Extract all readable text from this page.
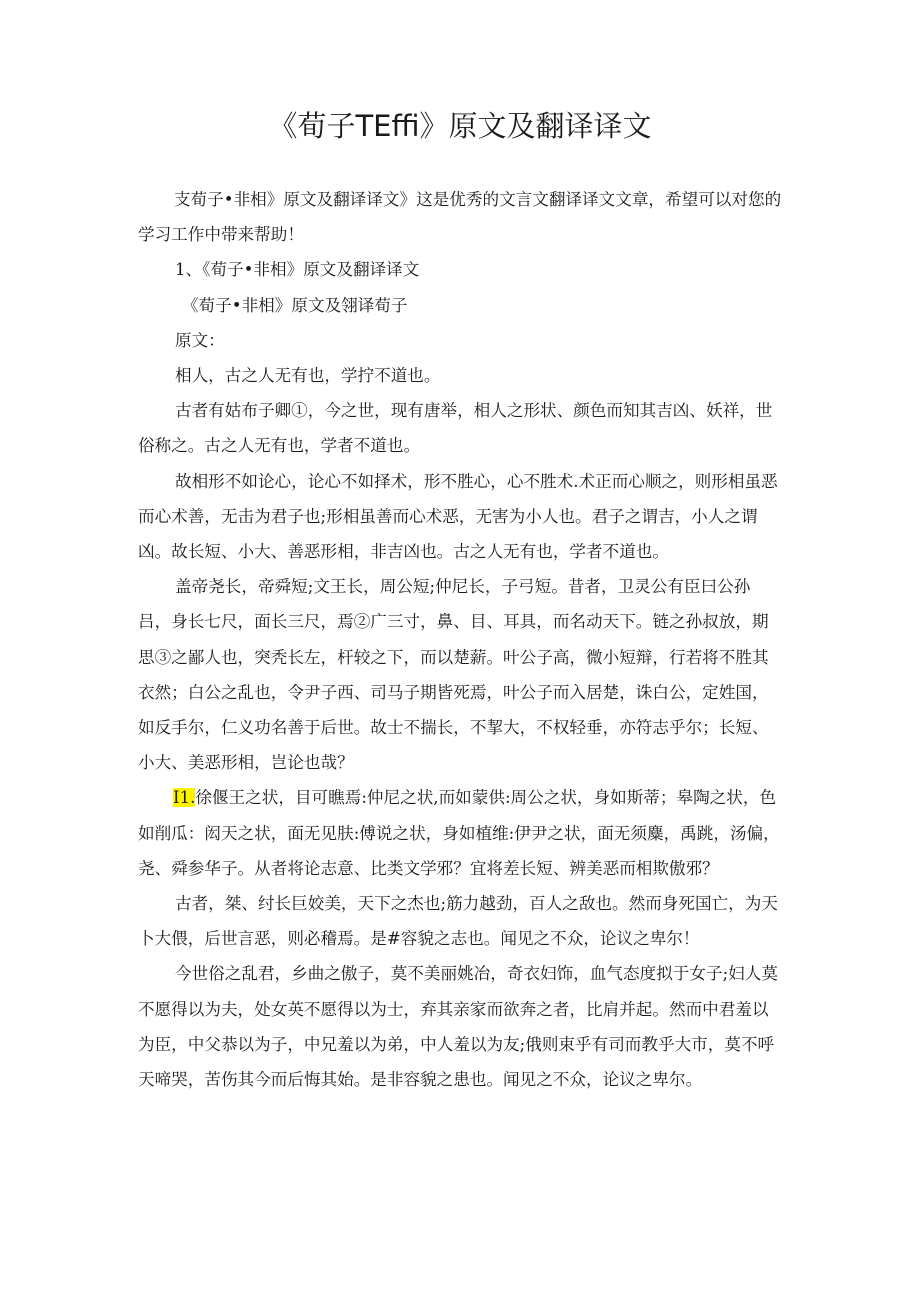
《荀子TEffi》原文及翻译译文

支荀子•非相》原文及翻译译文》这是优秀的文言文翻译译文文章，希望可以对您的学习工作中带来帮助！

1、《荀子•非相》原文及翻译译文

《荀子•非相》原文及翎译荀子

原文：

相人，古之人无有也，学拧不道也。

古者有姑布子卿①，今之世，现有唐举，相人之形状、颜色而知其吉凶、妖祥，世俗称之。古之人无有也，学者不道也。

故相形不如论心，论心不如择术，形不胜心，心不胜术.术正而心顺之，则形相虽恶而心术善，无击为君子也;形相虽善而心术恶，无害为小人也。君子之谓吉，小人之谓凶。故长短、小大、善恶形相，非吉凶也。古之人无有也，学者不道也。

盖帝尧长，帝舜短;文王长，周公短;仲尼长，子弓短。昔者，卫灵公有臣曰公孙吕，身长七尺，面长三尺，焉②广三寸，鼻、目、耳具，而名动天下。链之孙叔放，期思③之鄙人也，突秃长左，杆较之下，而以楚薪。叶公子高，微小短辩，行若将不胜其衣然；白公之乱也，令尹子西、司马子期皆死焉，叶公子而入居楚，诛白公，定姓国，如反手尔，仁义功名善于后世。故士不揣长，不挈大，不权轻垂，亦符志乎尔；长短、小大、美恶形相，岂论也哉？

I1.徐偃王之状，目可瞧焉:仲尼之状,而如蒙供:周公之状，身如斯蒂；皋陶之状，色如削瓜：闳天之状，面无见肤:傅说之状，身如植维:伊尹之状，面无须麋，禹跳，汤偏，尧、舜参华子。从者将论志意、比类文学邪？宜将差长短、辨美恶而相欺傲邪？

古者，桀、纣长巨姣美，天下之杰也;筋力越劲，百人之敌也。然而身死国亡，为天卜大偎，后世言恶，则必稽焉。是#容貌之志也。闻见之不众，论议之卑尔！

今世俗之乱君，乡曲之傲子，莫不美丽姚冶，奇衣妇饰，血气态度拟于女子;妇人莫不愿得以为夫，处女英不愿得以为士，弃其亲家而欲奔之者，比肩并起。然而中君羞以为臣，中父恭以为子，中兄羞以为弟，中人羞以为友;俄则束乎有司而教乎大市，莫不呼天啼哭，苦伤其今而后悔其始。是非容貌之患也。闻见之不众，论议之卑尔。
